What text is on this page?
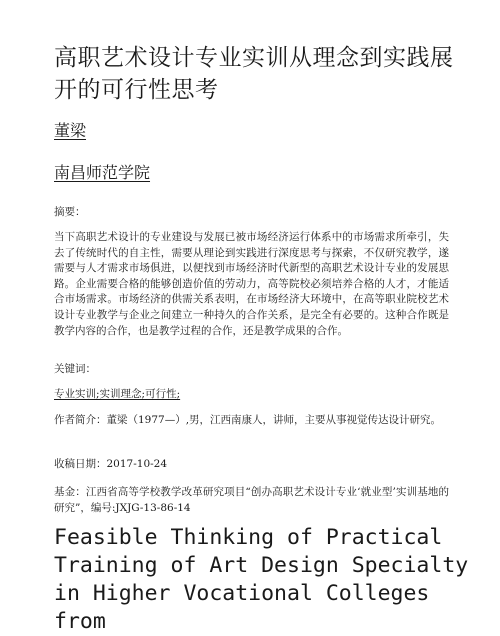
高职艺术设计专业实训从理念到实践展开的可行性思考
董梁
南昌师范学院
摘要：
当下高职艺术设计的专业建设与发展已被市场经济运行体系中的市场需求所牵引，失去了传统时代的自主性，需要从理论到实践进行深度思考与探索，不仅研究教学，遂需要与人才需求市场俱进，以便找到市场经济时代新型的高职艺术设计专业的发展思路。企业需要合格的能够创造价值的劳动力，高等院校必须培养合格的人才，才能适合市场需求。市场经济的供需关系表明，在市场经济大环境中，在高等职业院校艺术设计专业教学与企业之间建立一种持久的合作关系，是完全有必要的。这种合作既是教学内容的合作，也是教学过程的合作，还是教学成果的合作。
关键词：
专业实训;实训理念;可行性;
作者简介：董梁（1977—）,男，江西南康人，讲师，主要从事视觉传达设计研究。
收稿日期：2017-10-24
基金：江西省高等学校教学改革研究项目“创办高职艺术设计专业‘就业型’实训基地的研究”，编号:JXJG-13-86-14
Feasible Thinking of Practical Training of Art Design Specialty in Higher Vocational Colleges from
